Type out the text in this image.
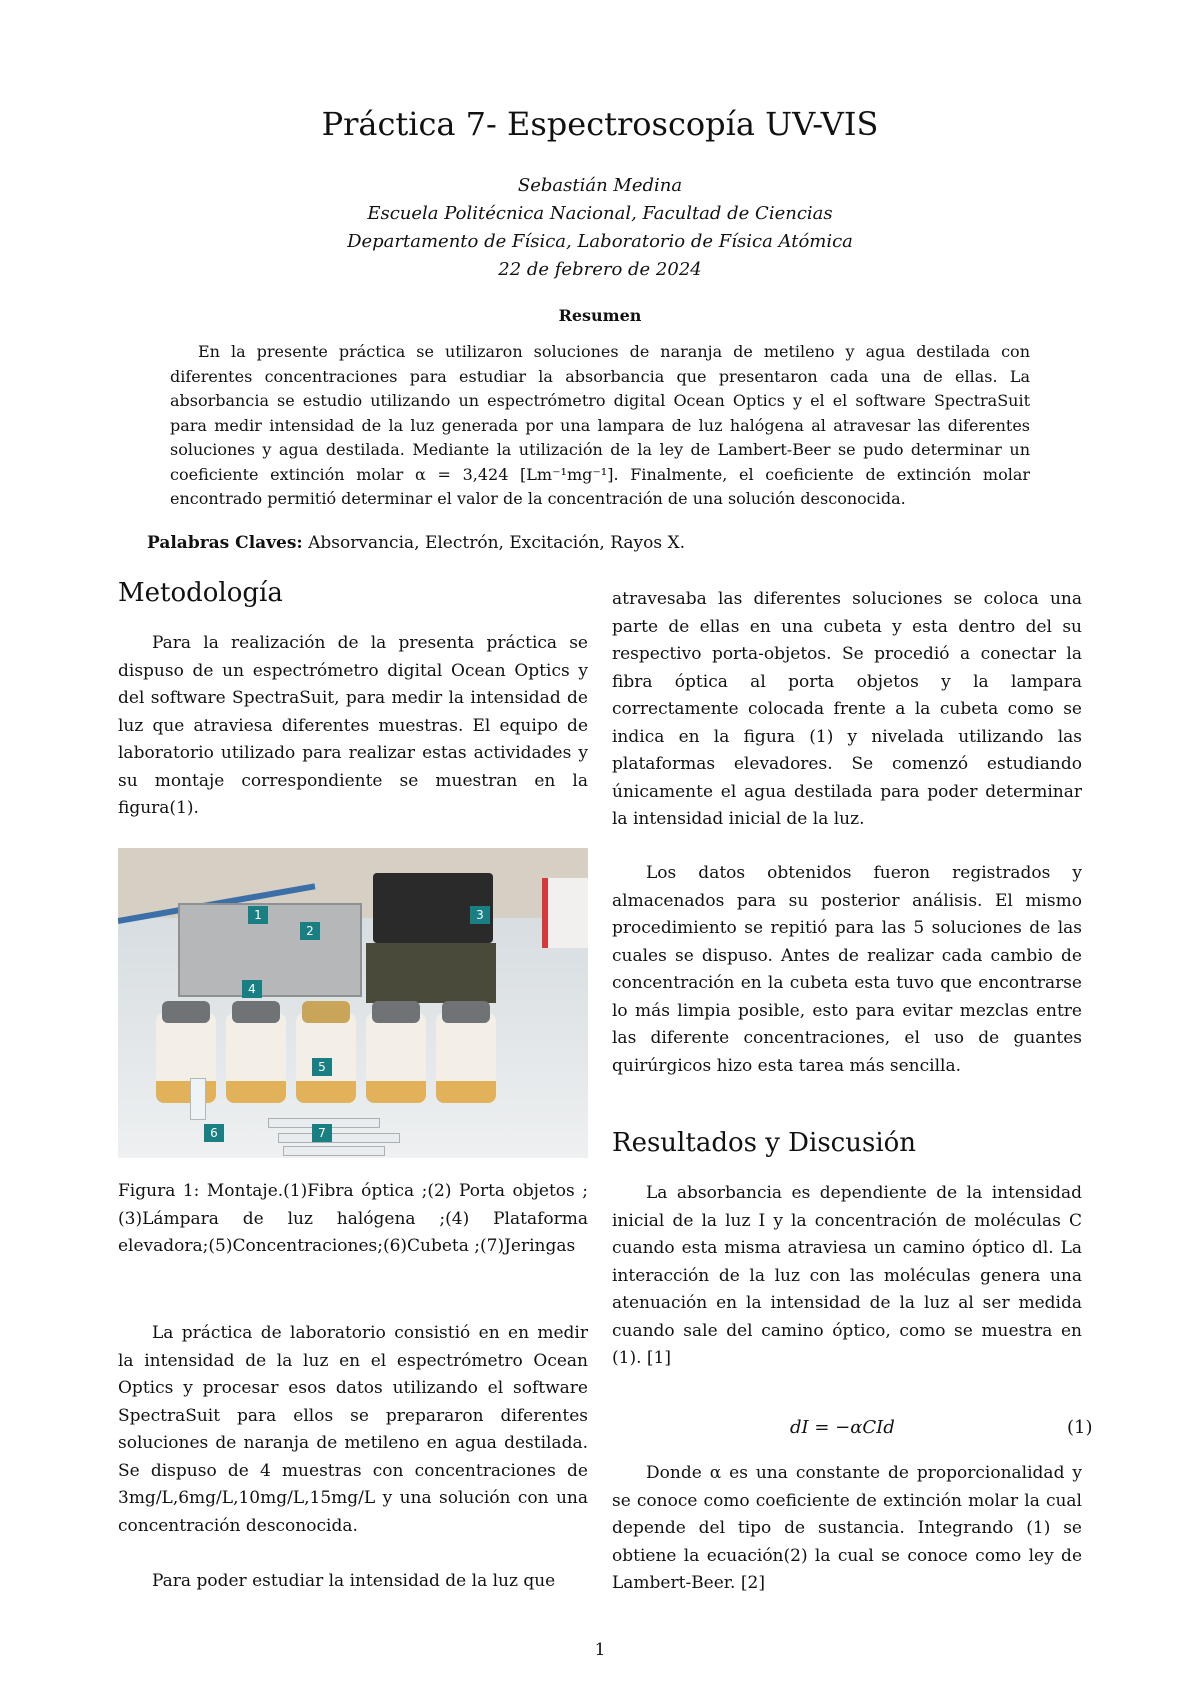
Práctica 7- Espectroscopía UV-VIS
Sebastián Medina
Escuela Politécnica Nacional, Facultad de Ciencias
Departamento de Física, Laboratorio de Física Atómica
22 de febrero de 2024
Resumen

En la presente práctica se utilizaron soluciones de naranja de metileno y agua destilada con diferentes concentraciones para estudiar la absorbancia que presentaron cada una de ellas. La absorbancia se estudio utilizando un espectrómetro digital Ocean Optics y el el software SpectraSuit para medir intensidad de la luz generada por una lampara de luz halógena al atravesar las diferentes soluciones y agua destilada. Mediante la utilización de la ley de Lambert-Beer se pudo determinar un coeficiente extinción molar α = 3,424 [Lm⁻¹mg⁻¹]. Finalmente, el coeficiente de extinción molar encontrado permitió determinar el valor de la concentración de una solución desconocida.

Palabras Claves: Absorvancia, Electrón, Excitación, Rayos X.

Metodología

Para la realización de la presenta práctica se dispuso de un espectrómetro digital Ocean Optics y del software SpectraSuit, para medir la intensidad de luz que atraviesa diferentes muestras. El equipo de laboratorio utilizado para realizar estas actividades y su montaje correspondiente se muestran en la figura(1).

1
2
3
4
5
6	7

Figura 1: Montaje.(1)Fibra óptica ;(2) Porta objetos ;(3)Lámpara de luz halógena ;(4) Plataforma elevadora;(5)Concentraciones;(6)Cubeta ;(7)Jeringas

La práctica de laboratorio consistió en en medir la intensidad de la luz en el espectrómetro Ocean Optics y procesar esos datos utilizando el software SpectraSuit para ellos se prepararon diferentes soluciones de naranja de metileno en agua destilada. Se dispuso de 4 muestras con concentraciones de 3mg/L,6mg/L,10mg/L,15mg/L y una solución con una concentración desconocida.

Para poder estudiar la intensidad de la luz que

atravesaba las diferentes soluciones se coloca una parte de ellas en una cubeta y esta dentro del su respectivo porta-objetos. Se procedió a conectar la fibra óptica al porta objetos y la lampara correctamente colocada frente a la cubeta como se indica en la figura (1) y nivelada utilizando las plataformas elevadores. Se comenzó estudiando únicamente el agua destilada para poder determinar la intensidad inicial de la luz.

Los datos obtenidos fueron registrados y almacenados para su posterior análisis. El mismo procedimiento se repitió para las 5 soluciones de las cuales se dispuso. Antes de realizar cada cambio de concentración en la cubeta esta tuvo que encontrarse lo más limpia posible, esto para evitar mezclas entre las diferente concentraciones, el uso de guantes quirúrgicos hizo esta tarea más sencilla.

Resultados y Discusión

La absorbancia es dependiente de la intensidad inicial de la luz I y la concentración de moléculas C cuando esta misma atraviesa un camino óptico dl. La interacción de la luz con las moléculas genera una atenuación en la intensidad de la luz al ser medida cuando sale del camino óptico, como se muestra en (1). [1]

dI = −αCId	(1)

Donde α es una constante de proporcionalidad y se conoce como coeficiente de extinción molar la cual depende del tipo de sustancia. Integrando (1) se obtiene la ecuación(2) la cual se conoce como ley de Lambert-Beer. [2]

1
